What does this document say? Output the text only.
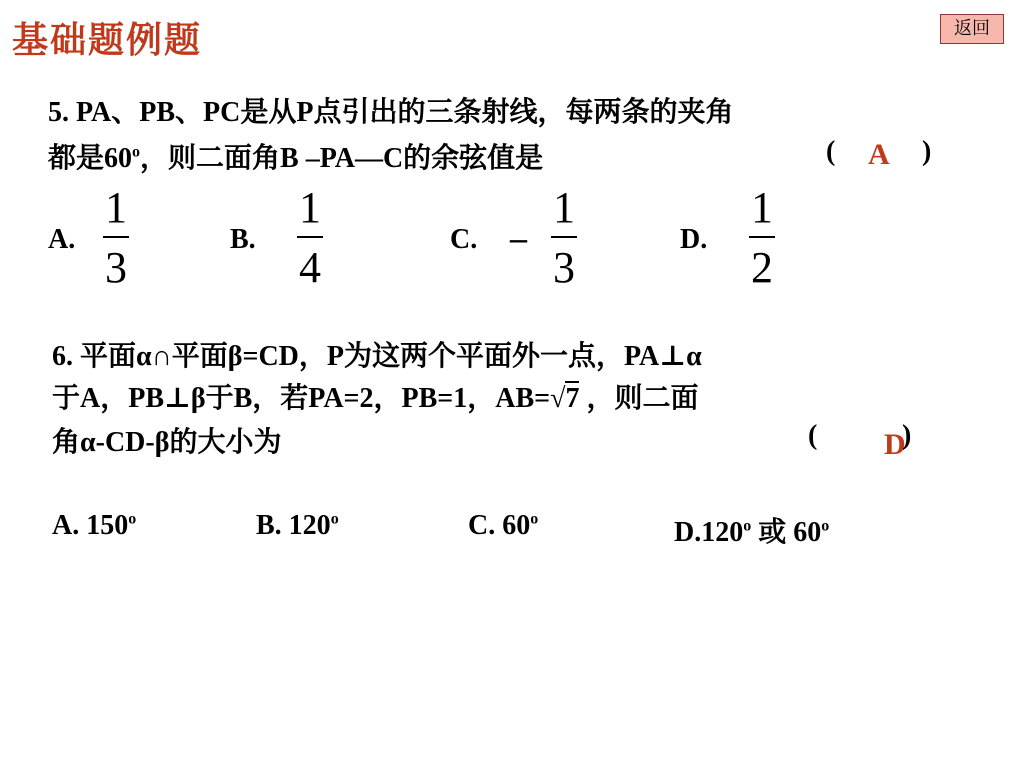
基础题例题	返回
5. PA、PB、PC是从P点引出的三条射线，每两条的夹角
都是60$^o$，则二面角B –PA—C的余弦值是	( A )
A.
1
3
B.
1
4
C. –
1
3
D.
1
2
6. 平面α∩平面β=CD，P为这两个平面外一点，PA⊥α
于A，PB⊥β于B，若PA=2，PB=1，AB=√7 ，则二面
角α-CD-β的大小为	( D
)
A. 150$^o$	B. 120$^o$	C. 60$^o$	D.120$^o$ 或 60$^o$
